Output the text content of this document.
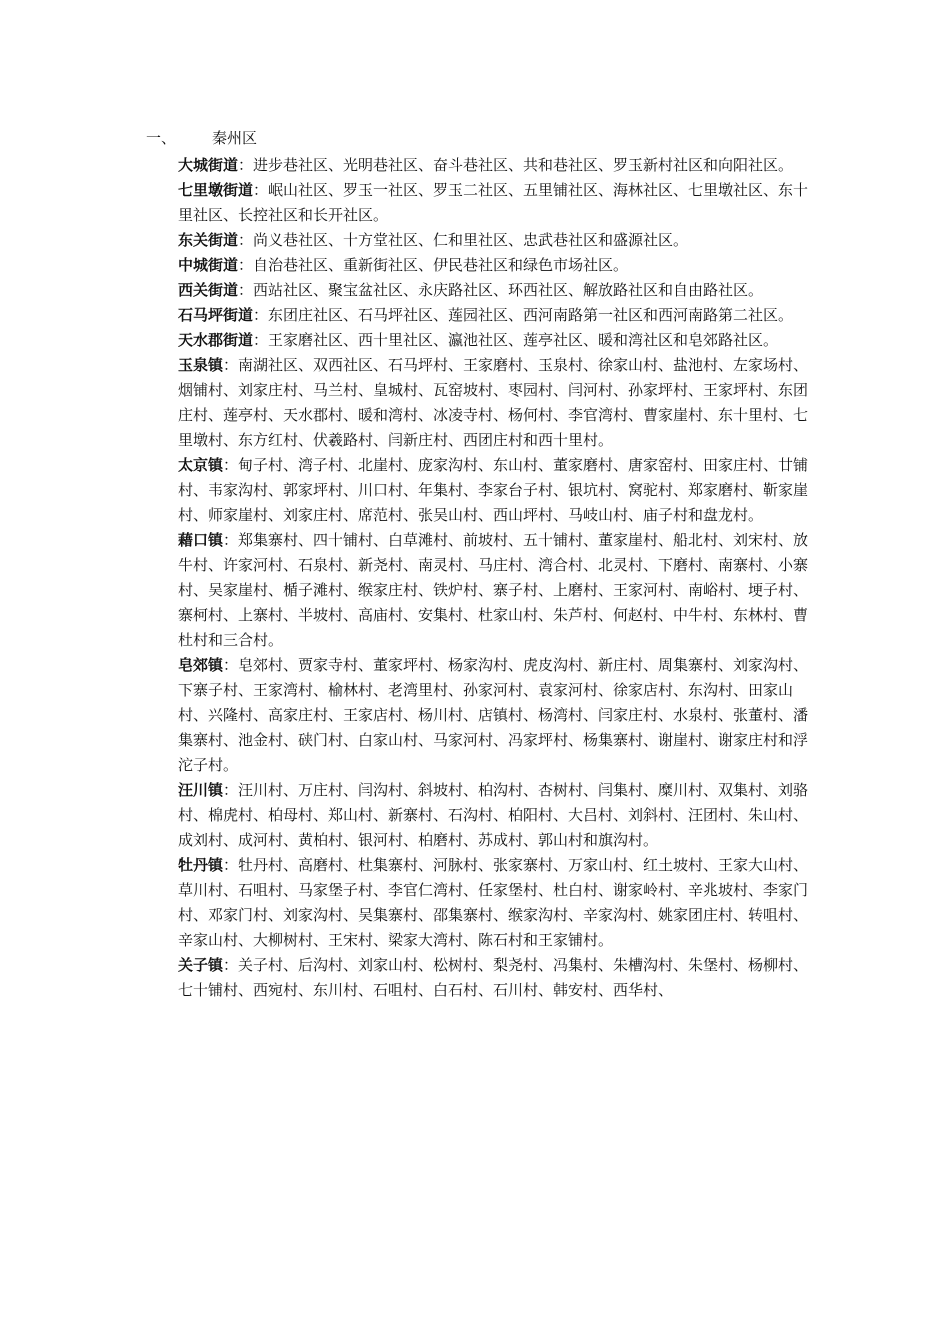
一、 秦州区

大城街道：进步巷社区、光明巷社区、奋斗巷社区、共和巷社区、罗玉新村社区和向阳社区。

七里墩街道：岷山社区、罗玉一社区、罗玉二社区、五里铺社区、海林社区、七里墩社区、东十里社区、长控社区和长开社区。

东关街道：尚义巷社区、十方堂社区、仁和里社区、忠武巷社区和盛源社区。

中城街道：自治巷社区、重新街社区、伊民巷社区和绿色市场社区。

西关街道：西站社区、聚宝盆社区、永庆路社区、环西社区、解放路社区和自由路社区。

石马坪街道：东团庄社区、石马坪社区、莲园社区、西河南路第一社区和西河南路第二社区。

天水郡街道：王家磨社区、西十里社区、瀛池社区、莲亭社区、暖和湾社区和皂郊路社区。

玉泉镇：南湖社区、双西社区、石马坪村、王家磨村、玉泉村、徐家山村、盐池村、左家场村、烟铺村、刘家庄村、马兰村、皇城村、瓦窑坡村、枣园村、闫河村、孙家坪村、王家坪村、东团庄村、莲亭村、天水郡村、暖和湾村、冰凌寺村、杨何村、李官湾村、曹家崖村、东十里村、七里墩村、东方红村、伏羲路村、闫新庄村、西团庄村和西十里村。

太京镇：甸子村、湾子村、北崖村、庞家沟村、东山村、董家磨村、唐家窑村、田家庄村、廿铺村、韦家沟村、郭家坪村、川口村、年集村、李家台子村、银坑村、窝驼村、郑家磨村、靳家崖村、师家崖村、刘家庄村、席范村、张吴山村、西山坪村、马岐山村、庙子村和盘龙村。

藉口镇：郑集寨村、四十铺村、白草滩村、前坡村、五十铺村、董家崖村、船北村、刘宋村、放牛村、许家河村、石泉村、新尧村、南灵村、马庄村、湾合村、北灵村、下磨村、南寨村、小寨村、吴家崖村、楯子滩村、缑家庄村、铁炉村、寨子村、上磨村、王家河村、南峪村、埂子村、寨柯村、上寨村、半坡村、高庙村、安集村、杜家山村、朱芦村、何赵村、中牛村、东林村、曹杜村和三合村。

皂郊镇：皂郊村、贾家寺村、董家坪村、杨家沟村、虎皮沟村、新庄村、周集寨村、刘家沟村、下寨子村、王家湾村、榆林村、老湾里村、孙家河村、袁家河村、徐家店村、东沟村、田家山村、兴隆村、高家庄村、王家店村、杨川村、店镇村、杨湾村、闫家庄村、水泉村、张董村、潘集寨村、池金村、硖门村、白家山村、马家河村、冯家坪村、杨集寨村、谢崖村、谢家庄村和浮沱子村。

汪川镇：汪川村、万庄村、闫沟村、斜坡村、柏沟村、杏树村、闫集村、糜川村、双集村、刘骆村、棉虎村、柏母村、郑山村、新寨村、石沟村、柏阳村、大吕村、刘斜村、汪团村、朱山村、成刘村、成河村、黄柏村、银河村、柏磨村、苏成村、郭山村和旗沟村。

牡丹镇：牡丹村、高磨村、杜集寨村、河脉村、张家寨村、万家山村、红土坡村、王家大山村、草川村、石咀村、马家堡子村、李官仁湾村、任家堡村、杜白村、谢家岭村、辛兆坡村、李家门村、邓家门村、刘家沟村、吴集寨村、邵集寨村、缑家沟村、辛家沟村、姚家团庄村、转咀村、辛家山村、大柳树村、王宋村、梁家大湾村、陈石村和王家铺村。

关子镇：关子村、后沟村、刘家山村、松树村、梨尧村、冯集村、朱槽沟村、朱堡村、杨柳村、七十铺村、西宛村、东川村、石咀村、白石村、石川村、韩安村、西华村、
